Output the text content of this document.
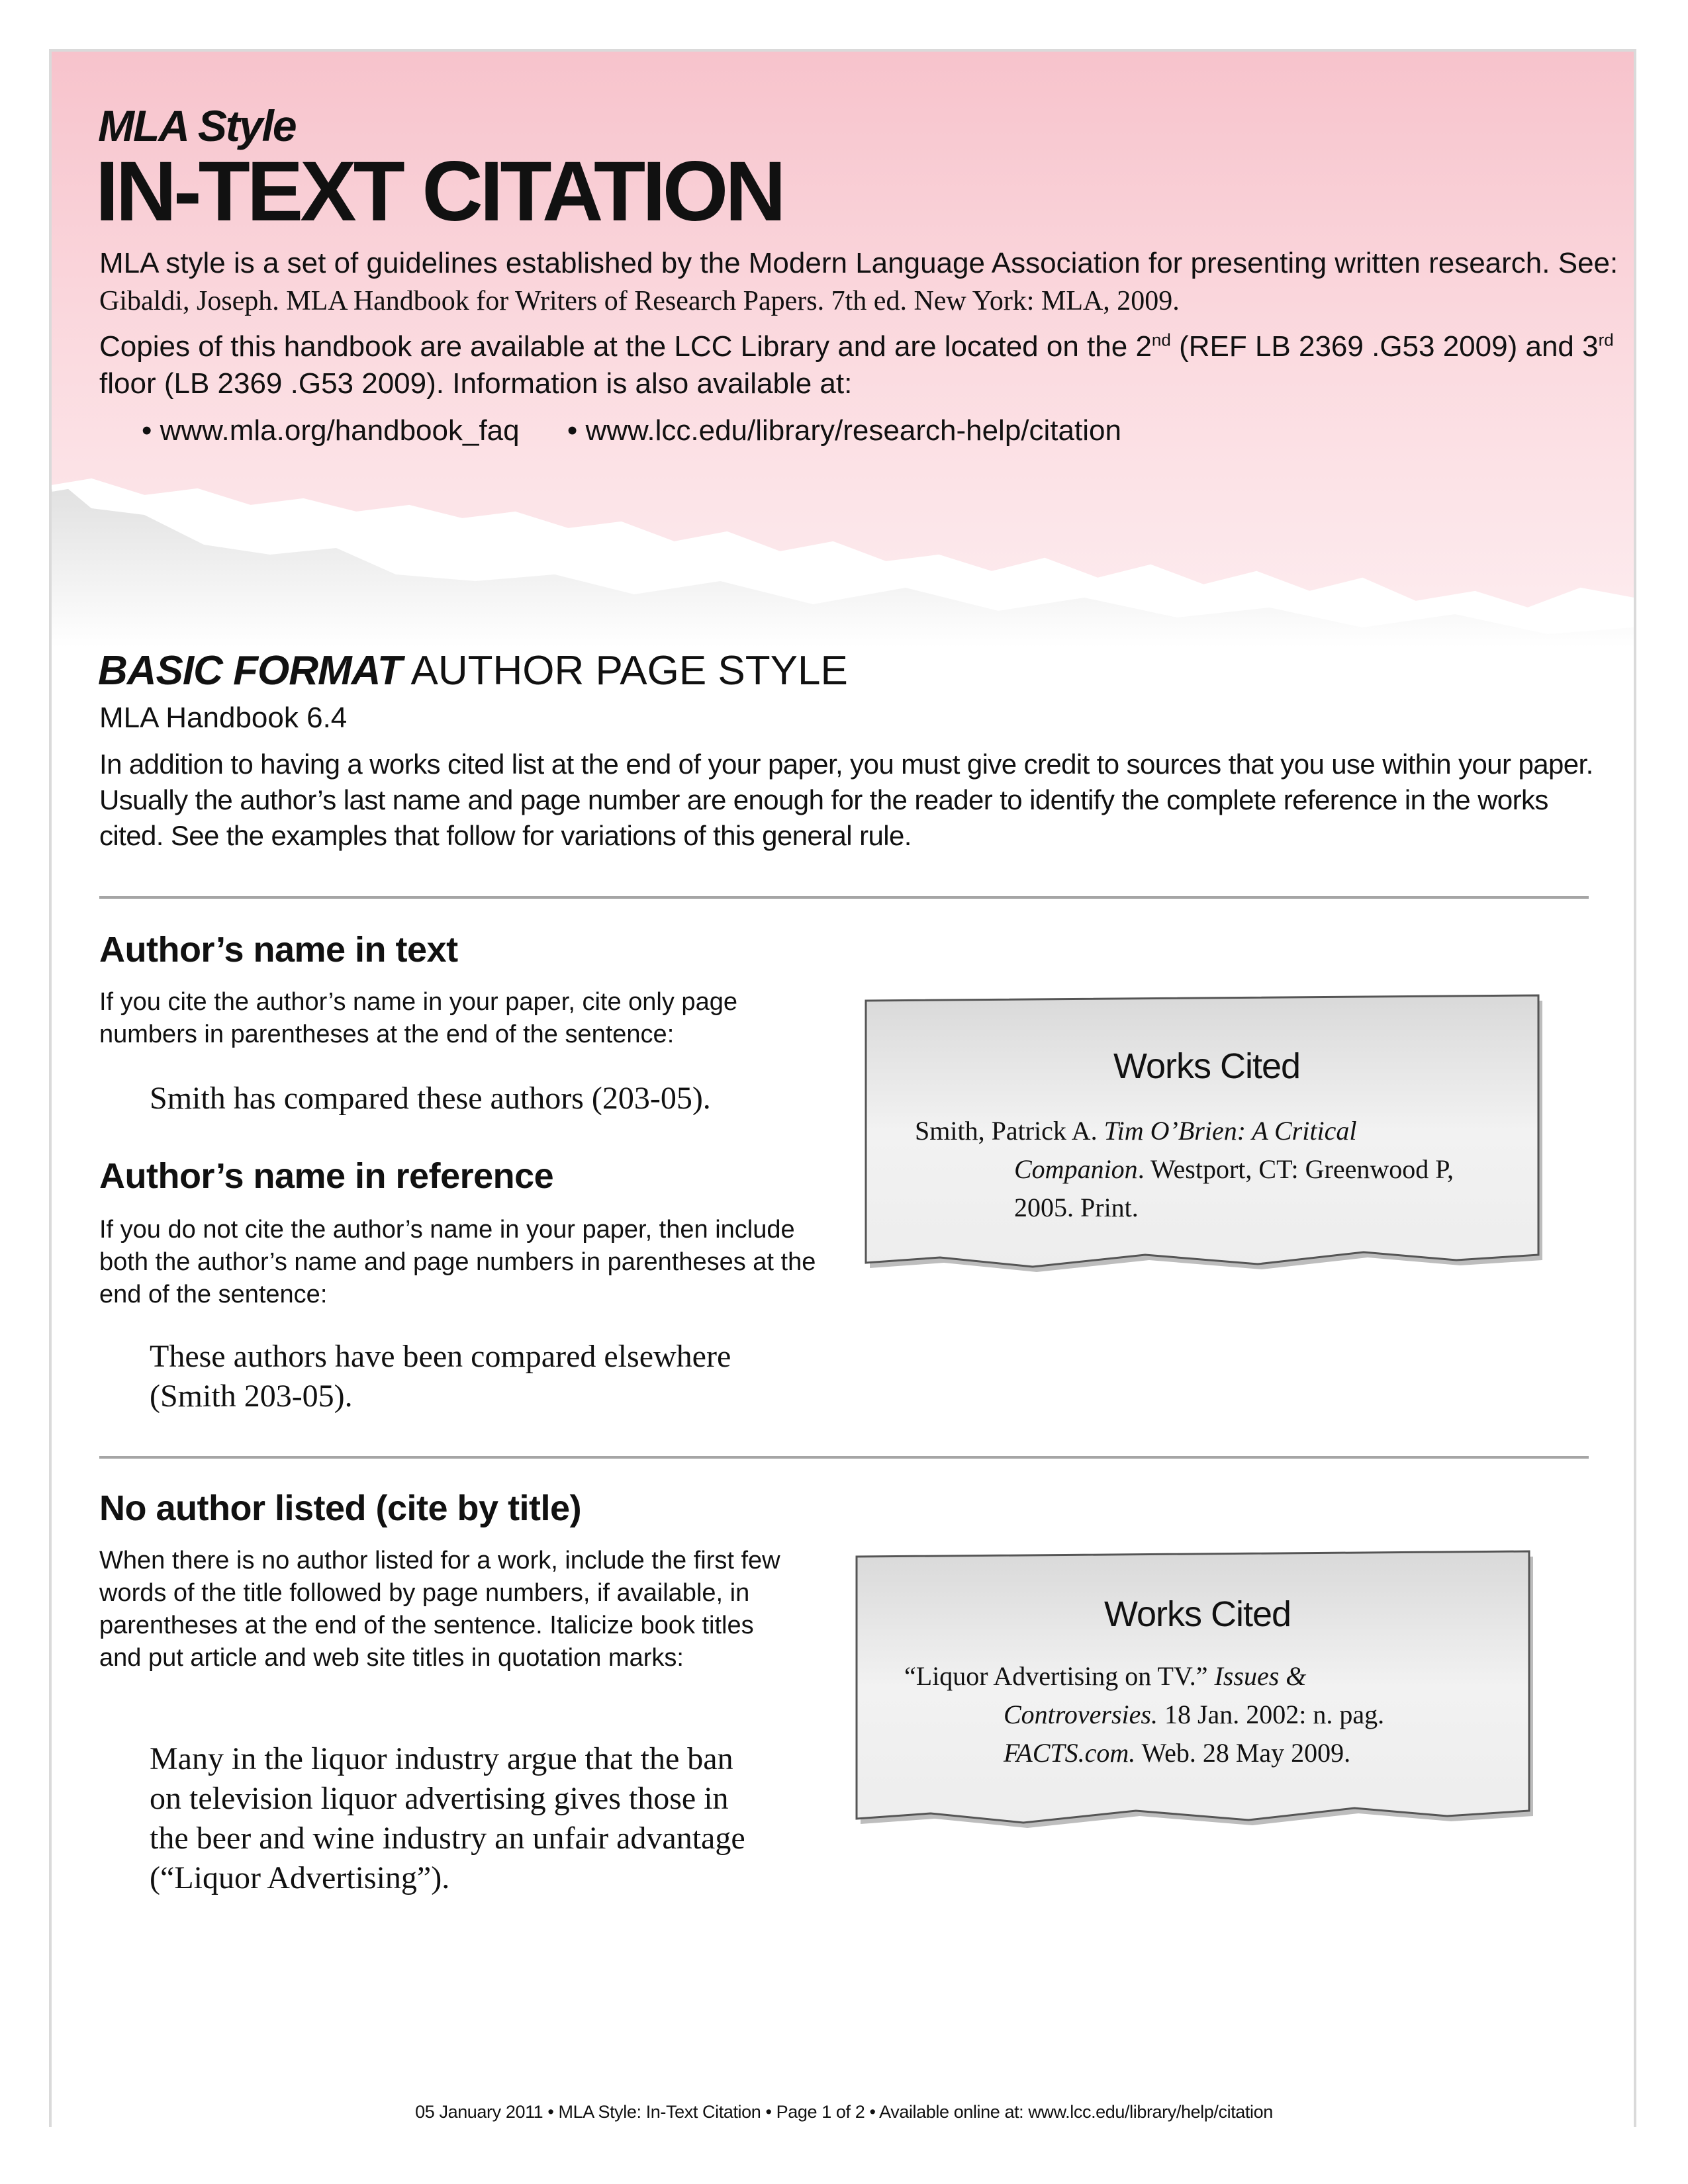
MLA Style
IN-TEXT CITATION
MLA style is a set of guidelines established by the Modern Language Association for presenting written research. See: Gibaldi, Joseph. MLA Handbook for Writers of Research Papers. 7th ed. New York: MLA, 2009.
Copies of this handbook are available at the LCC Library and are located on the 2nd (REF LB 2369 .G53 2009) and 3rd floor (LB 2369 .G53 2009). Information is also available at:
• www.mla.org/handbook_faq • www.lcc.edu/library/research-help/citation
BASIC FORMAT AUTHOR PAGE STYLE
MLA Handbook 6.4
In addition to having a works cited list at the end of your paper, you must give credit to sources that you use within your paper. Usually the author’s last name and page number are enough for the reader to identify the complete reference in the works cited. See the examples that follow for variations of this general rule.
Author’s name in text
If you cite the author’s name in your paper, cite only page numbers in parentheses at the end of the sentence:
Smith has compared these authors (203-05).
Author’s name in reference
If you do not cite the author’s name in your paper, then include both the author’s name and page numbers in parentheses at the end of the sentence:
These authors have been compared elsewhere
(Smith 203-05).
Works Cited
Smith, Patrick A. Tim O’Brien: A Critical
Companion. Westport, CT: Greenwood P,
2005. Print.
No author listed (cite by title)
When there is no author listed for a work, include the first few words of the title followed by page numbers, if available, in parentheses at the end of the sentence. Italicize book titles and put article and web site titles in quotation marks:
Many in the liquor industry argue that the ban
on television liquor advertising gives those in
the beer and wine industry an unfair advantage
(“Liquor Advertising”).
Works Cited
“Liquor Advertising on TV.” Issues &
Controversies. 18 Jan. 2002: n. pag.
FACTS.com. Web. 28 May 2009.
05 January 2011 • MLA Style: In-Text Citation • Page 1 of 2 • Available online at: www.lcc.edu/library/help/citation
